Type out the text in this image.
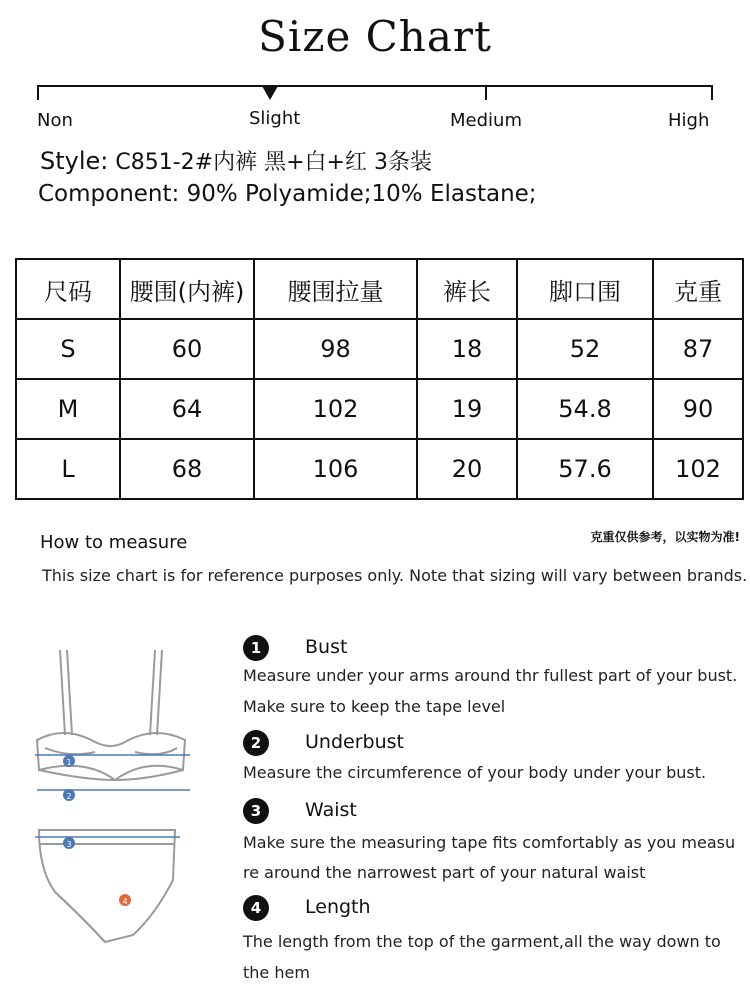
Size Chart
Non	Slight	Medium	High
Style: C851-2#内裤 黑+白+红 3条装
Component: 90% Polyamide;10% Elastane;
尺码	腰围(内裤)	腰围拉量	裤长	脚口围	克重
S	60	98	18	52	87
M	64	102	19	54.8	90
L	68	106	20	57.6	102
How to measure	克重仅供参考，以实物为准!
This size chart is for reference purposes only. Note that sizing will vary between brands.
1
2
3
4
1	Bust
Measure under your arms around thr fullest part of your bust.
Make sure to keep the tape level
2	Underbust
Measure the circumference of your body under your bust.
3	Waist
Make sure the measuring tape fits comfortably as you measu
re around the narrowest part of your natural waist
4	Length
The length from the top of the garment,all the way down to
the hem
